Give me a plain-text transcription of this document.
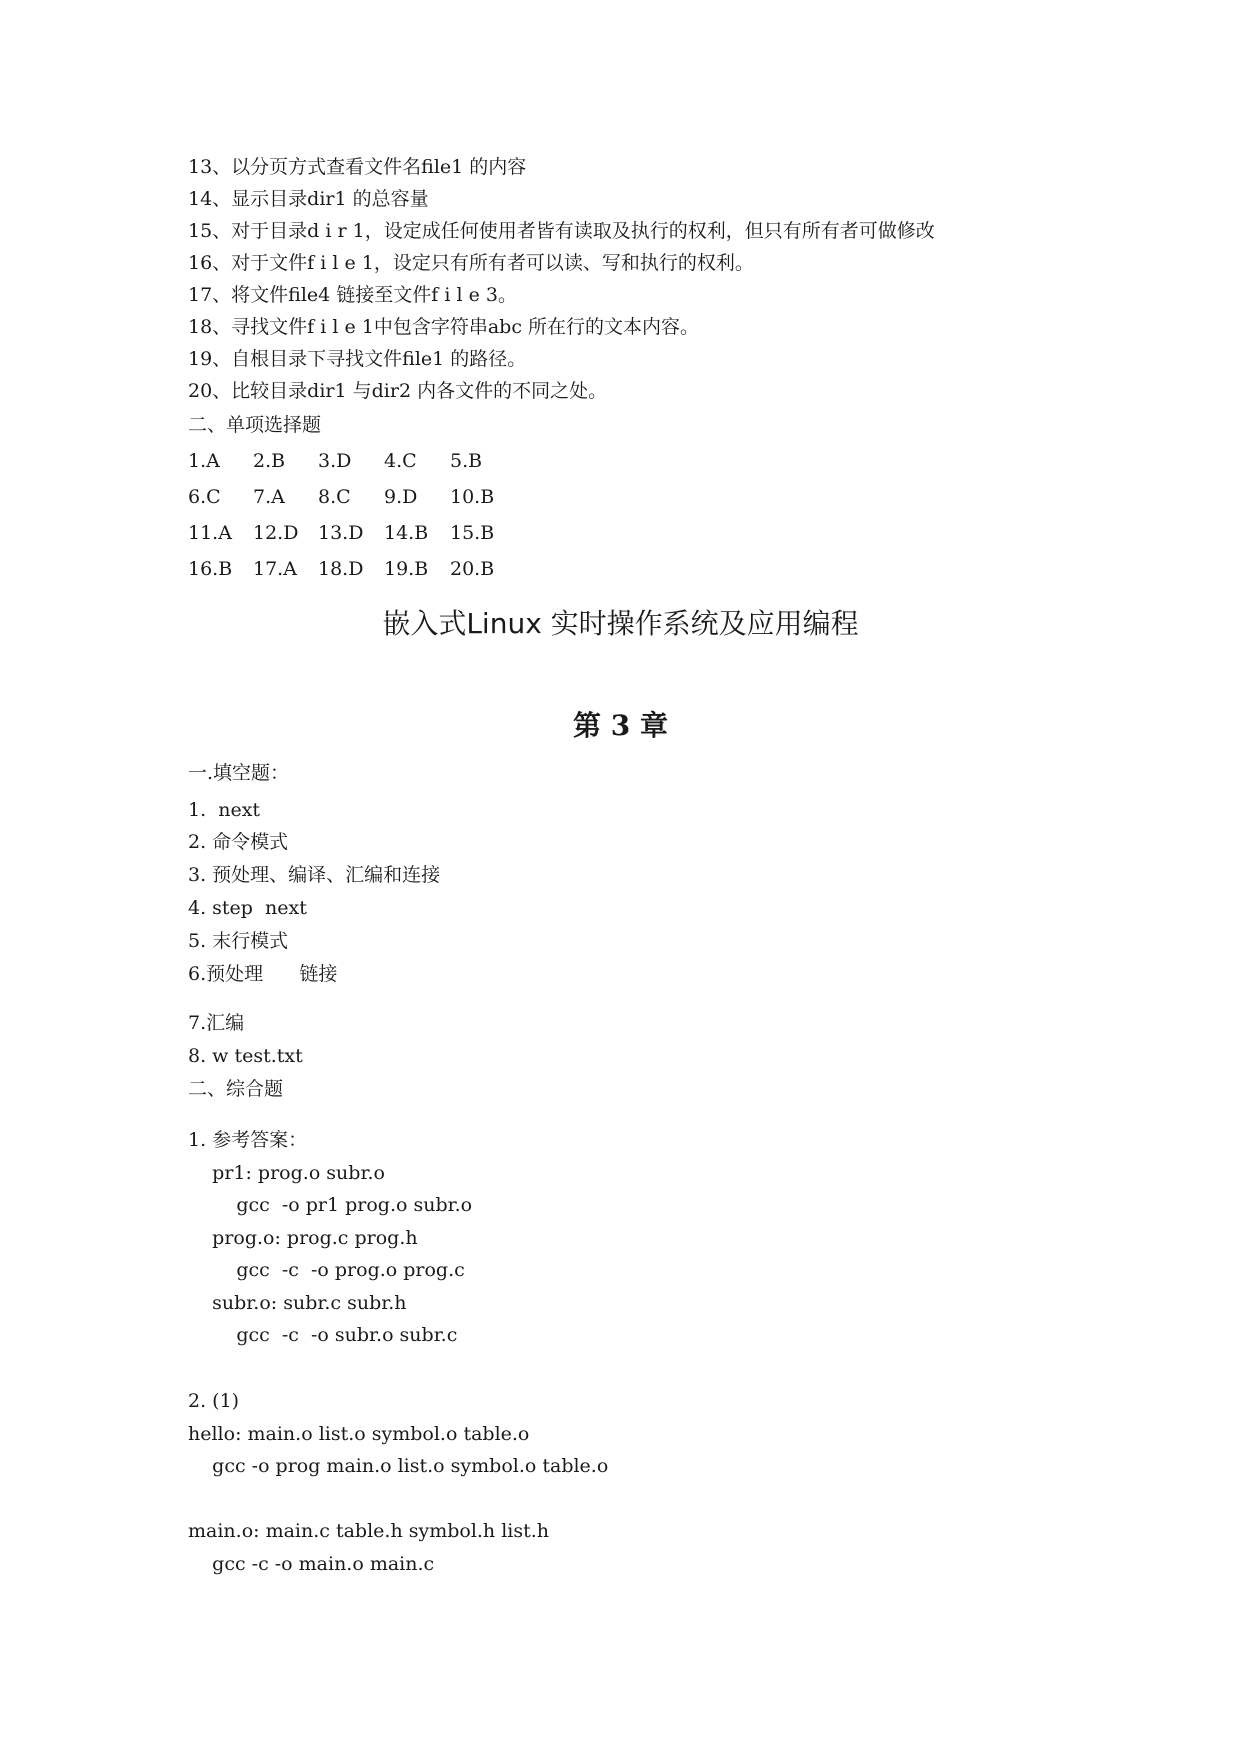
13、以分页方式查看文件名file1 的内容
14、显示目录dir1 的总容量
15、对于目录d i r 1，设定成任何使用者皆有读取及执行的权利，但只有所有者可做修改
16、对于文件f i l e 1，设定只有所有者可以读、写和执行的权利。
17、将文件file4 链接至文件f i l e 3。
18、寻找文件f i l e 1中包含字符串abc 所在行的文本内容。
19、自根目录下寻找文件file1 的路径。
20、比较目录dir1 与dir2 内各文件的不同之处。
二、单项选择题
1.A 2.B 3.D 4.C 5.B
6.C 7.A 8.C 9.D 10.B
11.A 12.D 13.D 14.B 15.B
16.B 17.A 18.D 19.B 20.B
嵌入式Linux 实时操作系统及应用编程
第 3 章
一.填空题：
1.  next
2. 命令模式
3. 预处理、编译、汇编和连接
4. step  next
5. 末行模式
6.预处理      链接
7.汇编
8. w test.txt
二、综合题
1. 参考答案：
pr1: prog.o subr.o
gcc  -o pr1 prog.o subr.o
prog.o: prog.c prog.h
gcc  -c  -o prog.o prog.c
subr.o: subr.c subr.h
gcc  -c  -o subr.o subr.c
2. (1)
hello: main.o list.o symbol.o table.o
gcc -o prog main.o list.o symbol.o table.o
main.o: main.c table.h symbol.h list.h
gcc -c -o main.o main.c
